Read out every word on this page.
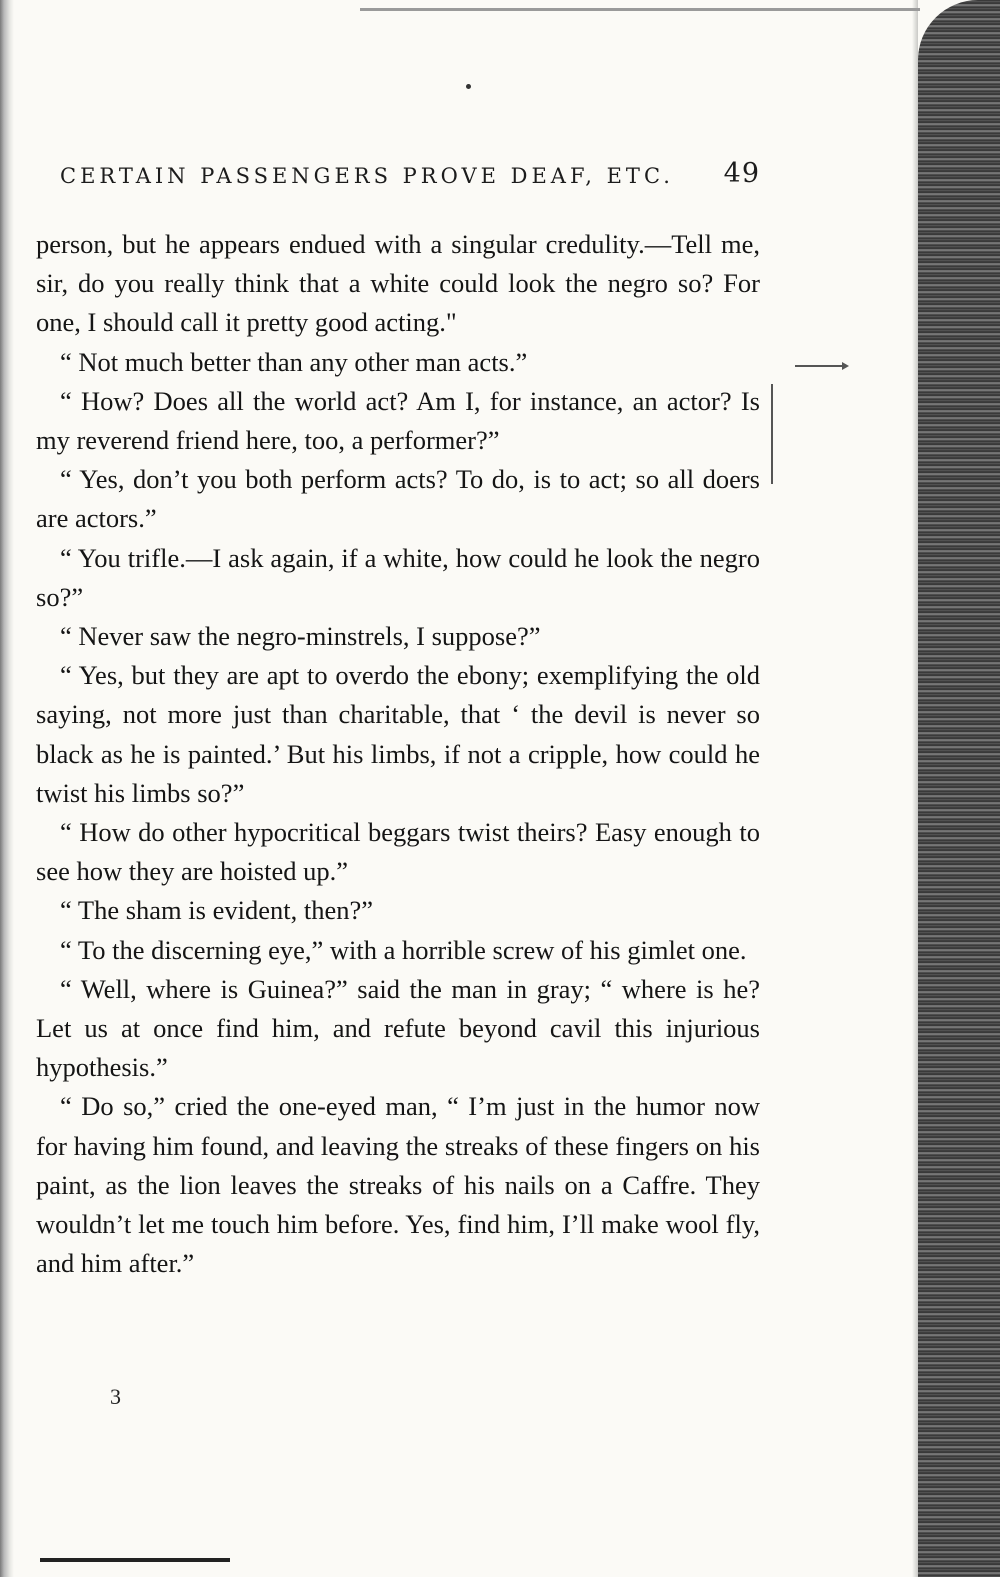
CERTAIN PASSENGERS PROVE DEAF, ETC. 49

person, but he appears endued with a singular credulity.—Tell me, sir, do you really think that a white could look the negro so? For one, I should call it pretty good acting."

“ Not much better than any other man acts.”

“ How? Does all the world act? Am I, for instance, an actor? Is my reverend friend here, too, a performer?”

“ Yes, don’t you both perform acts? To do, is to act; so all doers are actors.”

“ You trifle.—I ask again, if a white, how could he look the negro so?”

“ Never saw the negro-minstrels, I suppose?”

“ Yes, but they are apt to overdo the ebony; exemplifying the old saying, not more just than charitable, that ‘ the devil is never so black as he is painted.’ But his limbs, if not a cripple, how could he twist his limbs so?”

“ How do other hypocritical beggars twist theirs? Easy enough to see how they are hoisted up.”

“ The sham is evident, then?”

“ To the discerning eye,” with a horrible screw of his gimlet one.

“ Well, where is Guinea?” said the man in gray; “ where is he? Let us at once find him, and refute beyond cavil this injurious hypothesis.”

“ Do so,” cried the one-eyed man, “ I’m just in the humor now for having him found, and leaving the streaks of these fingers on his paint, as the lion leaves the streaks of his nails on a Caffre. They wouldn’t let me touch him before. Yes, find him, I’ll make wool fly, and him after.”

3
